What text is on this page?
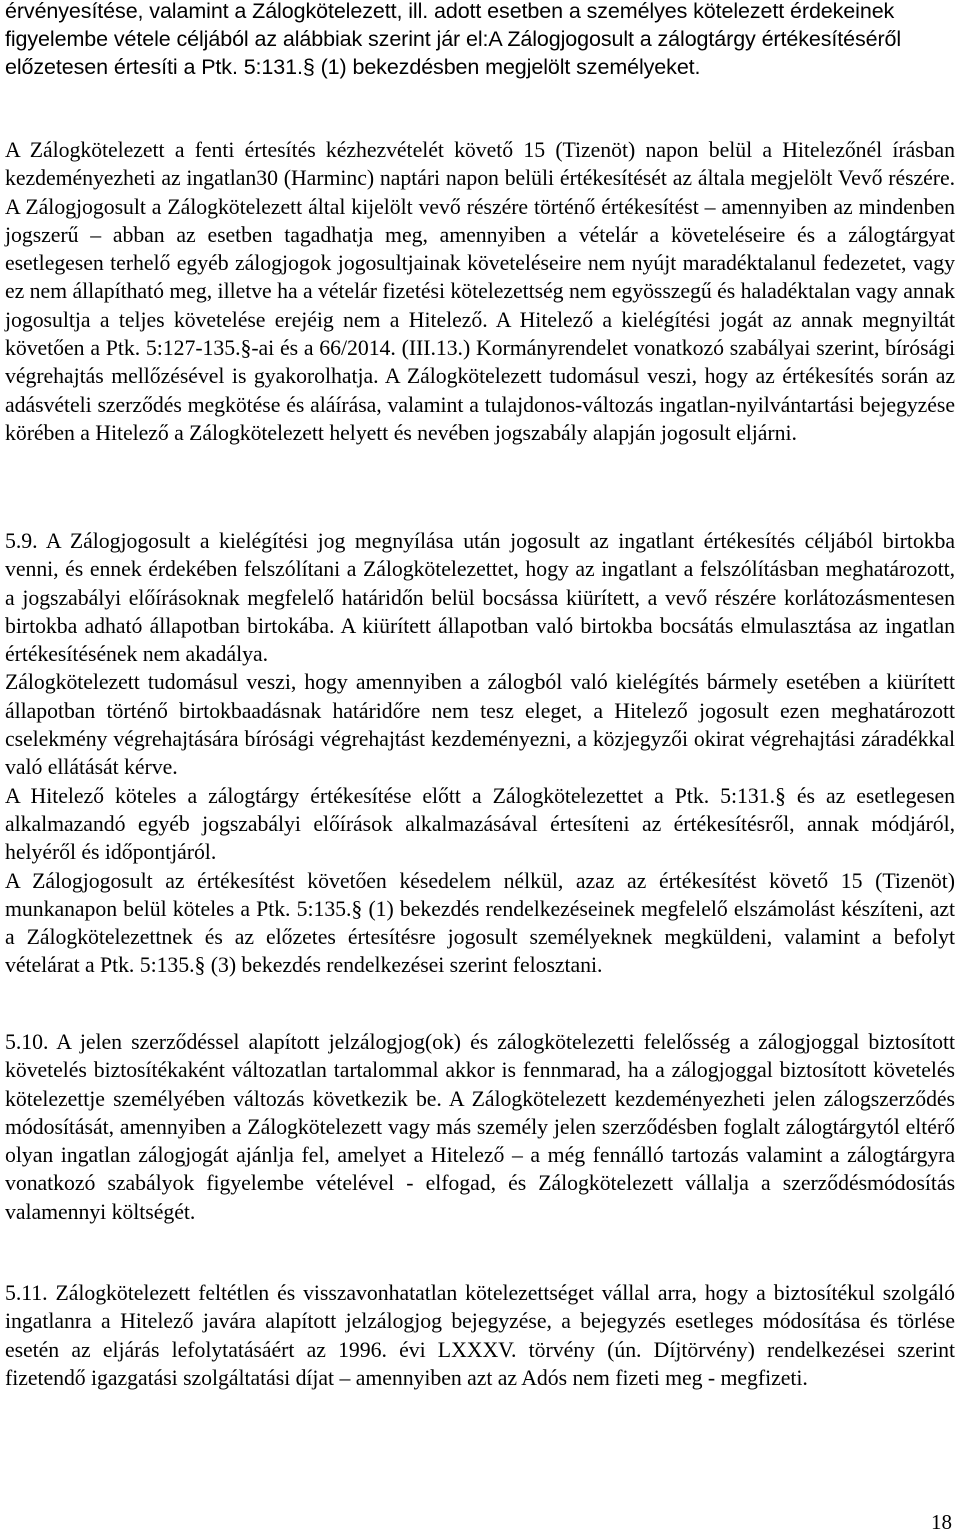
érvényesítése, valamint a Zálogkötelezett, ill. adott esetben a személyes kötelezett érdekeinek figyelembe vétele céljából az alábbiak szerint jár el:A Zálogjogosult a zálogtárgy értékesítéséről előzetesen értesíti a Ptk. 5:131.§ (1) bekezdésben megjelölt személyeket.

A Zálogkötelezett a fenti értesítés kézhezvételét követő 15 (Tizenöt) napon belül a Hitelezőnél írásban kezdeményezheti az ingatlan30 (Harminc) naptári napon belüli értékesítését az általa megjelölt Vevő részére. A Zálogjogosult a Zálogkötelezett által kijelölt vevő részére történő értékesítést – amennyiben az mindenben jogszerű – abban az esetben tagadhatja meg, amennyiben a vételár a követeléseire és a zálogtárgyat esetlegesen terhelő egyéb zálogjogok jogosultjainak követeléseire nem nyújt maradéktalanul fedezetet, vagy ez nem állapítható meg, illetve ha a vételár fizetési kötelezettség nem egyösszegű és haladéktalan vagy annak jogosultja a teljes követelése erejéig nem a Hitelező. A Hitelező a kielégítési jogát az annak megnyiltát követően a Ptk. 5:127-135.§-ai és a 66/2014. (III.13.) Kormányrendelet vonatkozó szabályai szerint, bírósági végrehajtás mellőzésével is gyakorolhatja. A Zálogkötelezett tudomásul veszi, hogy az értékesítés során az adásvételi szerződés megkötése és aláírása, valamint a tulajdonos-változás ingatlan-nyilvántartási bejegyzése körében a Hitelező a Zálogkötelezett helyett és nevében jogszabály alapján jogosult eljárni.

5.9. A Zálogjogosult a kielégítési jog megnyílása után jogosult az ingatlant értékesítés céljából birtokba venni, és ennek érdekében felszólítani a Zálogkötelezettet, hogy az ingatlant a felszólításban meghatározott, a jogszabályi előírásoknak megfelelő határidőn belül bocsássa kiürített, a vevő részére korlátozásmentesen birtokba adható állapotban birtokába. A kiürített állapotban való birtokba bocsátás elmulasztása az ingatlan értékesítésének nem akadálya.
Zálogkötelezett tudomásul veszi, hogy amennyiben a zálogból való kielégítés bármely esetében a kiürített állapotban történő birtokbaadásnak határidőre nem tesz eleget, a Hitelező jogosult ezen meghatározott cselekmény végrehajtására bírósági végrehajtást kezdeményezni, a közjegyzői okirat végrehajtási záradékkal való ellátását kérve.
A Hitelező köteles a zálogtárgy értékesítése előtt a Zálogkötelezettet a Ptk. 5:131.§ és az esetlegesen alkalmazandó egyéb jogszabályi előírások alkalmazásával értesíteni az értékesítésről, annak módjáról, helyéről és időpontjáról.
A Zálogjogosult az értékesítést követően késedelem nélkül, azaz az értékesítést követő 15 (Tizenöt) munkanapon belül köteles a Ptk. 5:135.§ (1) bekezdés rendelkezéseinek megfelelő elszámolást készíteni, azt a Zálogkötelezettnek és az előzetes értesítésre jogosult személyeknek megküldeni, valamint a befolyt vételárat a Ptk. 5:135.§ (3) bekezdés rendelkezései szerint felosztani.

5.10. A jelen szerződéssel alapított jelzálogjog(ok) és zálogkötelezetti felelősség a zálogjoggal biztosított követelés biztosítékaként változatlan tartalommal akkor is fennmarad, ha a zálogjoggal biztosított követelés kötelezettje személyében változás következik be. A Zálogkötelezett kezdeményezheti jelen zálogszerződés módosítását, amennyiben a Zálogkötelezett vagy más személy jelen szerződésben foglalt zálogtárgytól eltérő olyan ingatlan zálogjogát ajánlja fel, amelyet a Hitelező – a még fennálló tartozás valamint a zálogtárgyra vonatkozó szabályok figyelembe vételével - elfogad, és Zálogkötelezett vállalja a szerződésmódosítás valamennyi költségét.

5.11. Zálogkötelezett feltétlen és visszavonhatatlan kötelezettséget vállal arra, hogy a biztosítékul szolgáló ingatlanra a Hitelező javára alapított jelzálogjog bejegyzése, a bejegyzés esetleges módosítása és törlése esetén az eljárás lefolytatásáért az 1996. évi LXXXV. törvény (ún. Díjtörvény) rendelkezései szerint fizetendő igazgatási szolgáltatási díjat – amennyiben azt az Adós nem fizeti meg - megfizeti.

18
